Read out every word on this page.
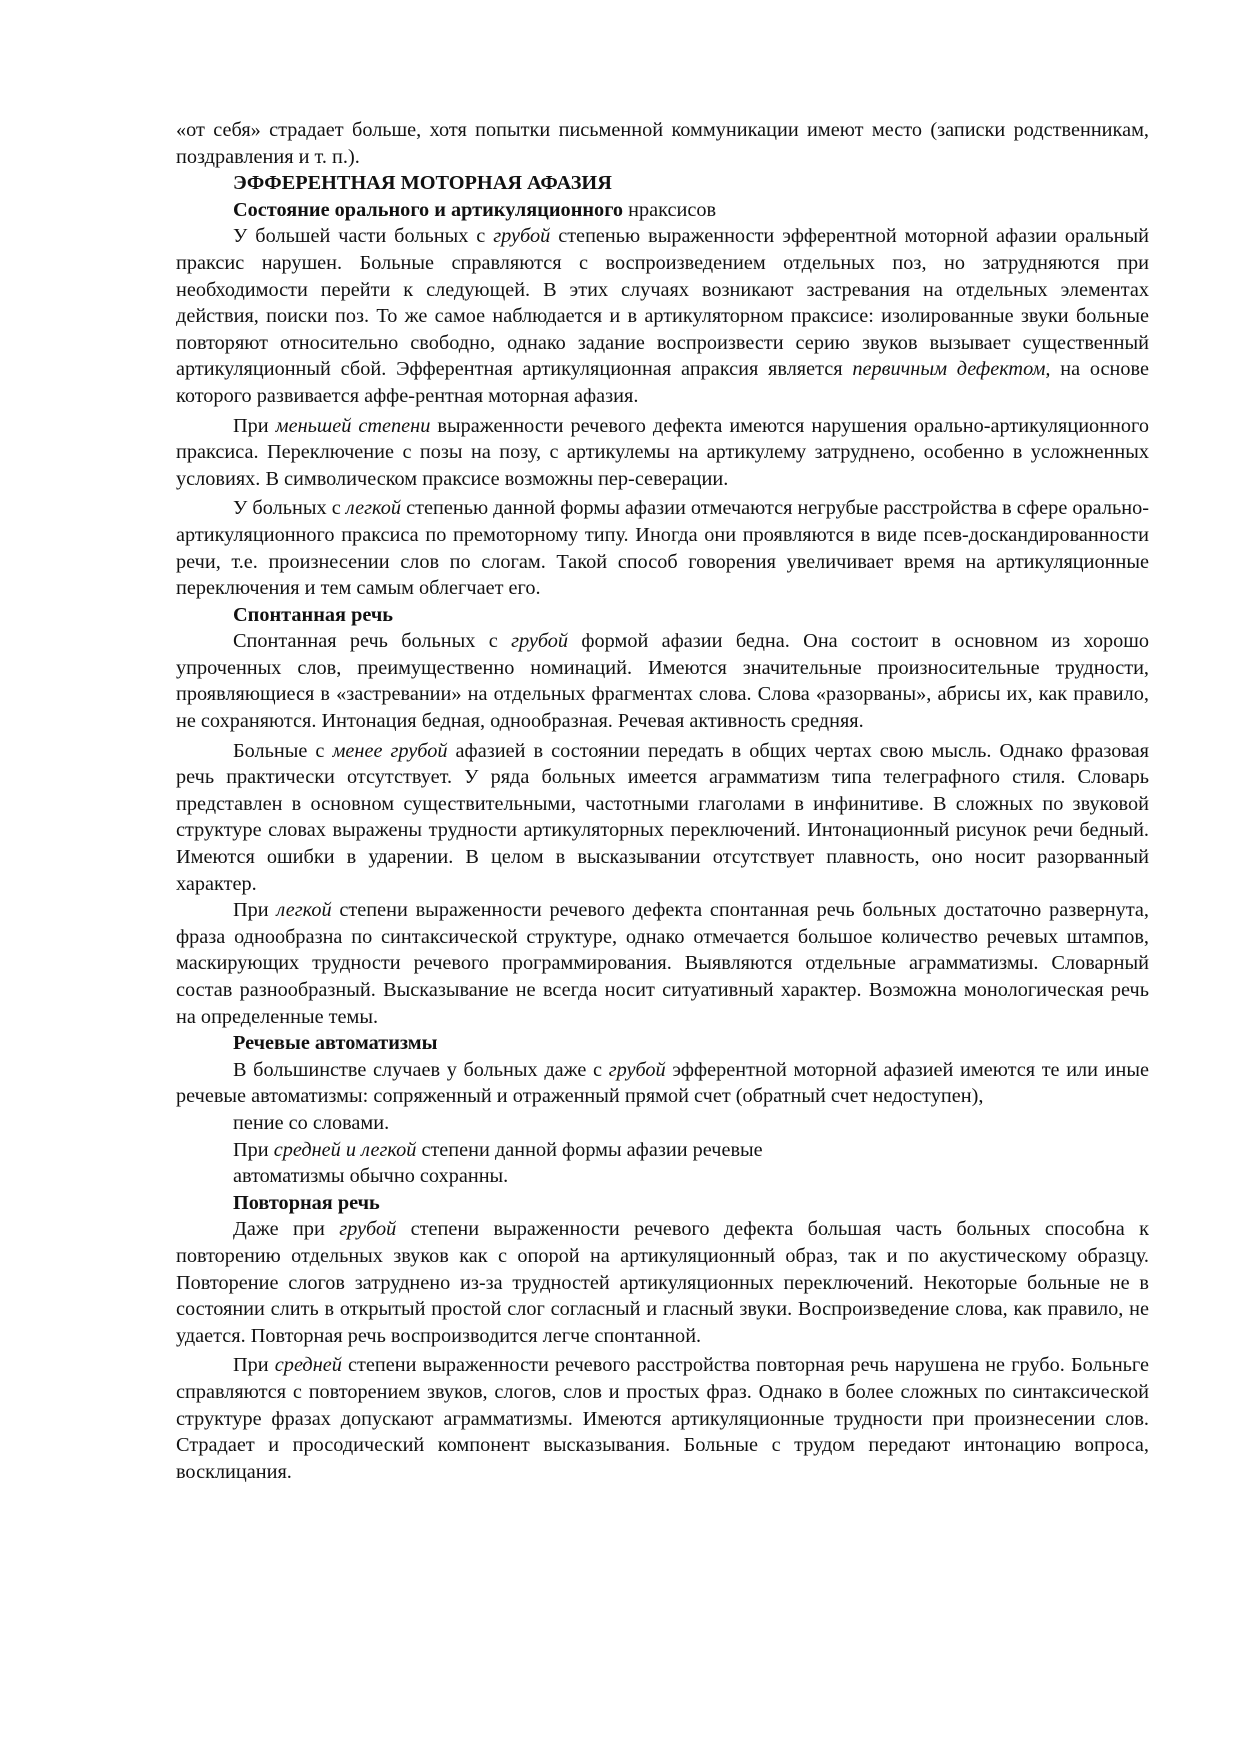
«от себя» страдает больше, хотя попытки письменной коммуникации имеют место (записки родственникам, поздравления и т. п.).

ЭФФЕРЕНТНАЯ МОТОРНАЯ АФАЗИЯ

Состояние орального и артикуляционного нраксисов

У большей части больных с грубой степенью выраженности эфферентной моторной афазии оральный праксис нарушен. Больные справляются с воспроизведением отдельных поз, но затрудняются при необходимости перейти к следующей. В этих случаях возникают застревания на отдельных элементах действия, поиски поз. То же самое наблюдается и в артикуляторном праксисе: изолированные звуки больные повторяют относительно свободно, однако задание воспроизвести серию звуков вызывает существенный артикуляционный сбой. Эфферентная артикуляционная апраксия является первичным дефектом, на основе которого развивается аффе-рентная моторная афазия.

При меньшей степени выраженности речевого дефекта имеются нарушения орально-артикуляционного праксиса. Переключение с позы на позу, с артикулемы на артикулему затруднено, особенно в усложненных условиях. В символическом праксисе возможны пер-северации.

У больных с легкой степенью данной формы афазии отмечаются негрубые расстройства в сфере орально-артикуляционного праксиса по премоторному типу. Иногда они проявляются в виде псев-доскандированности речи, т.е. произнесении слов по слогам. Такой способ говорения увеличивает время на артикуляционные переключения и тем самым облегчает его.

Спонтанная речь

Спонтанная речь больных с грубой формой афазии бедна. Она состоит в основном из хорошо упроченных слов, преимущественно номинаций. Имеются значительные произносительные трудности, проявляющиеся в «застревании» на отдельных фрагментах слова. Слова «разорваны», абрисы их, как правило, не сохраняются. Интонация бедная, однообразная. Речевая активность средняя.

Больные с менее грубой афазией в состоянии передать в общих чертах свою мысль. Однако фразовая речь практически отсутствует. У ряда больных имеется аграмматизм типа телеграфного стиля. Словарь представлен в основном существительными, частотными глаголами в инфинитиве. В сложных по звуковой структуре словах выражены трудности артикуляторных переключений. Интонационный рисунок речи бедный. Имеются ошибки в ударении. В целом в высказывании отсутствует плавность, оно носит разорванный характер.

При легкой степени выраженности речевого дефекта спонтанная речь больных достаточно развернута, фраза однообразна по синтаксической структуре, однако отмечается большое количество речевых штампов, маскирующих трудности речевого программирования. Выявляются отдельные аграмматизмы. Словарный состав разнообразный. Высказывание не всегда носит ситуативный характер. Возможна монологическая речь на определенные темы.

Речевые автоматизмы

В большинстве случаев у больных даже с грубой эфферентной моторной афазией имеются те или иные речевые автоматизмы: сопряженный и отраженный прямой счет (обратный счет недоступен),

пение со словами.

При средней и легкой степени данной формы афазии речевые

автоматизмы обычно сохранны.

Повторная речь

Даже при грубой степени выраженности речевого дефекта большая часть больных способна к повторению отдельных звуков как с опорой на артикуляционный образ, так и по акустическому образцу. Повторение слогов затруднено из-за трудностей артикуляционных переключений. Некоторые больные не в состоянии слить в открытый простой слог согласный и гласный звуки. Воспроизведение слова, как правило, не удается. Повторная речь воспроизводится легче спонтанной.

При средней степени выраженности речевого расстройства повторная речь нарушена не грубо. Больньге справляются с повторением звуков, слогов, слов и простых фраз. Однако в более сложных по синтаксической структуре фразах допускают аграмматизмы. Имеются артикуляционные трудности при произнесении слов. Страдает и просодический компонент высказывания. Больные с трудом передают интонацию вопроса, восклицания.
